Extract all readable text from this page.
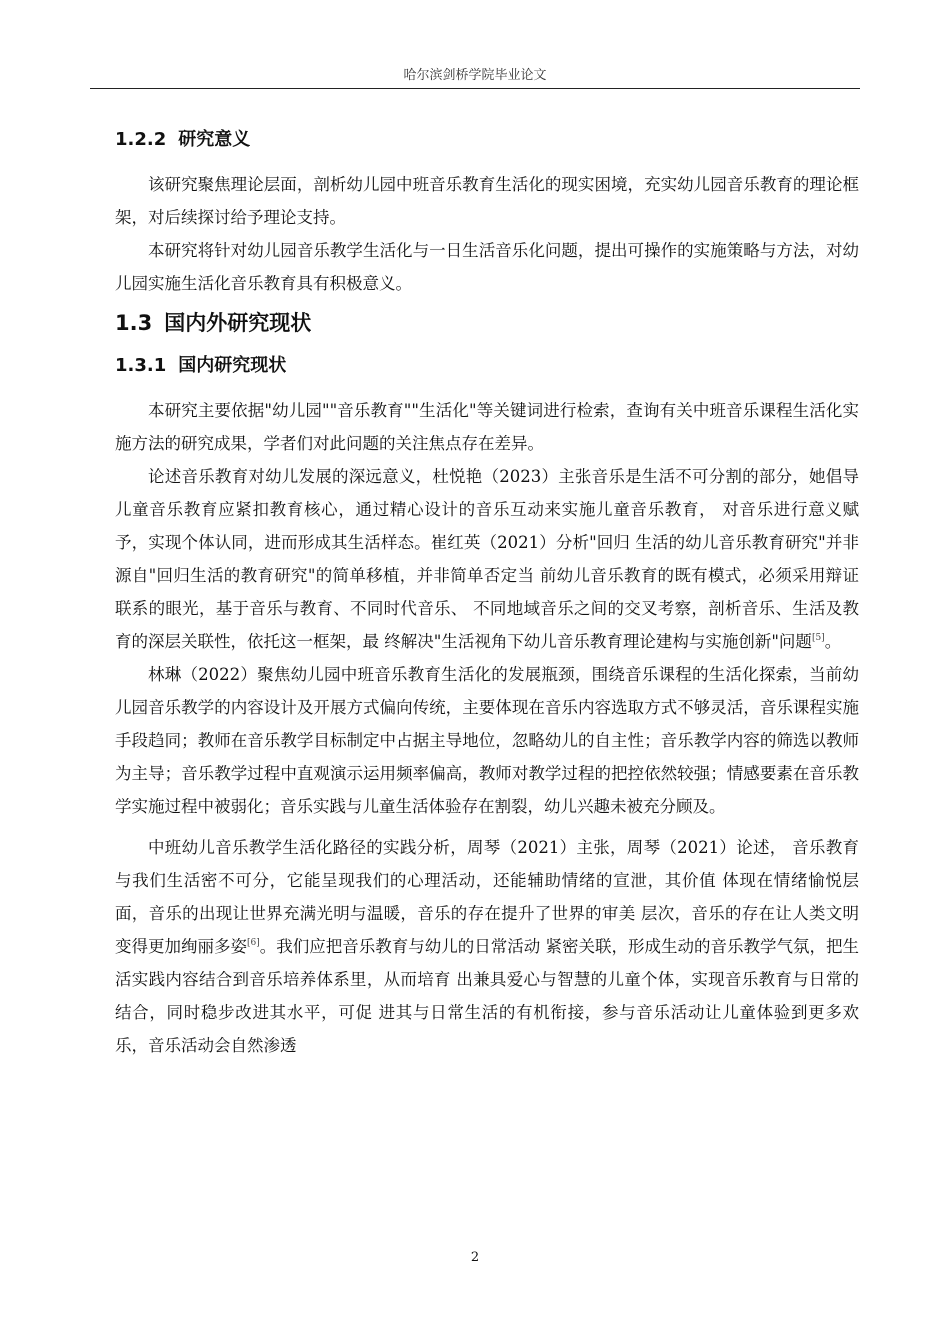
哈尔滨剑桥学院毕业论文
1.2.2 研究意义

该研究聚焦理论层面，剖析幼儿园中班音乐教育生活化的现实困境，充实幼儿园音乐教育的理论框架，对后续探讨给予理论支持。

本研究将针对幼儿园音乐教学生活化与一日生活音乐化问题，提出可操作的实施策略与方法，对幼儿园实施生活化音乐教育具有积极意义。

1.3 国内外研究现状
1.3.1 国内研究现状

本研究主要依据"幼儿园""音乐教育""生活化"等关键词进行检索，查询有关中班音乐课程生活化实施方法的研究成果，学者们对此问题的关注焦点存在差异。

论述音乐教育对幼儿发展的深远意义，杜悦艳（2023）主张音乐是生活不可分割的部分，她倡导儿童音乐教育应紧扣教育核心，通过精心设计的音乐互动来实施儿童音乐教育， 对音乐进行意义赋予，实现个体认同，进而形成其生活样态。崔红英（2021）分析"回归 生活的幼儿音乐教育研究"并非源自"回归生活的教育研究"的简单移植，并非简单否定当 前幼儿音乐教育的既有模式，必须采用辩证联系的眼光，基于音乐与教育、不同时代音乐、 不同地域音乐之间的交叉考察，剖析音乐、生活及教育的深层关联性，依托这一框架，最 终解决"生活视角下幼儿音乐教育理论建构与实施创新"问题[5]。

林琳（2022）聚焦幼儿园中班音乐教育生活化的发展瓶颈，围绕音乐课程的生活化探索，当前幼儿园音乐教学的内容设计及开展方式偏向传统，主要体现在音乐内容选取方式不够灵活，音乐课程实施手段趋同；教师在音乐教学目标制定中占据主导地位，忽略幼儿的自主性；音乐教学内容的筛选以教师为主导；音乐教学过程中直观演示运用频率偏高，教师对教学过程的把控依然较强；情感要素在音乐教学实施过程中被弱化；音乐实践与儿童生活体验存在割裂，幼儿兴趣未被充分顾及。

中班幼儿音乐教学生活化路径的实践分析，周琴（2021）主张，周琴（2021）论述， 音乐教育与我们生活密不可分，它能呈现我们的心理活动，还能辅助情绪的宣泄，其价值 体现在情绪愉悦层面，音乐的出现让世界充满光明与温暖，音乐的存在提升了世界的审美 层次，音乐的存在让人类文明变得更加绚丽多姿[6]。我们应把音乐教育与幼儿的日常活动 紧密关联，形成生动的音乐教学气氛，把生活实践内容结合到音乐培养体系里，从而培育 出兼具爱心与智慧的儿童个体，实现音乐教育与日常的结合，同时稳步改进其水平，可促 进其与日常生活的有机衔接，参与音乐活动让儿童体验到更多欢乐，音乐活动会自然渗透

2
